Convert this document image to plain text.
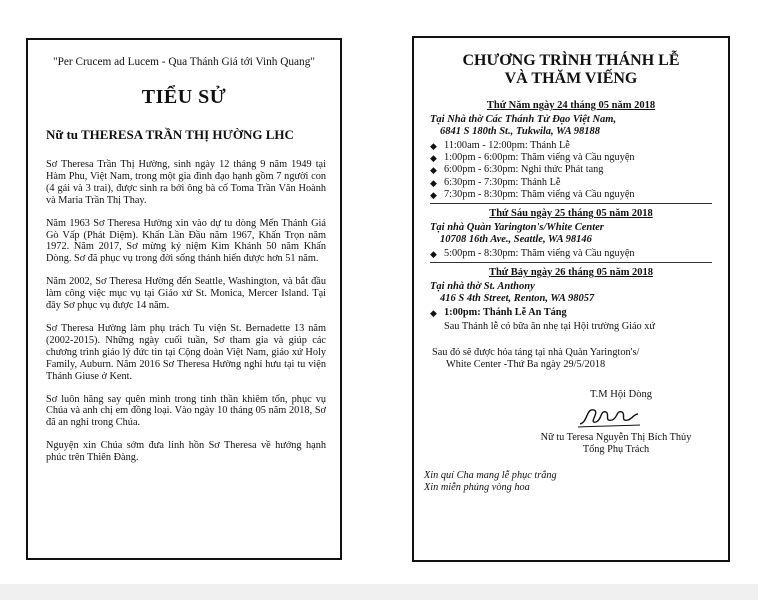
"Per Crucem ad Lucem - Qua Thánh Giá tới Vinh Quang"
TIỂU SỬ
Nữ tu THERESA TRẦN THỊ HƯỜNG LHC

Sơ Theresa Trần Thị Hường, sinh ngày 12 tháng 9 năm 1949 tại Hàm Phu, Việt Nam, trong một gia đình đạo hạnh gồm 7 người con (4 gái và 3 trai), được sinh ra bởi ông bà cố Toma Trần Văn Hoành và Maria Trần Thị Thay.

Năm 1963 Sơ Theresa Hường xin vào dự tu dòng Mến Thánh Giá Gò Vấp (Phát Diệm). Khấn Lần Đầu năm 1967, Khấn Trọn năm 1972. Năm 2017, Sơ mừng kỷ niệm Kim Khánh 50 năm Khấn Dòng. Sơ đã phục vụ trong đời sống thánh hiến được hơn 51 năm.

Năm 2002, Sơ Theresa Hường đến Seattle, Washington, và bắt đầu làm công việc mục vụ tại Giáo xứ St. Monica, Mercer Island. Tại đây Sơ phục vụ được 14 năm.

Sơ Theresa Hường làm phụ trách Tu viện St. Bernadette 13 năm (2002-2015). Những ngày cuối tuần, Sơ tham gia và giúp các chương trình giáo lý đức tin tại Cộng đoàn Việt Nam, giáo xứ Holy Family, Auburn. Năm 2016 Sơ Theresa Hường nghỉ hưu tại tu viện Thánh Giuse ở Kent.

Sơ luôn hăng say quên mình trong tinh thần khiêm tốn, phục vụ Chúa và anh chị em đồng loại. Vào ngày 10 tháng 05 năm 2018, Sơ đã an nghỉ trong Chúa.

Nguyện xin Chúa sớm đưa linh hồn Sơ Theresa về hưởng hạnh phúc trên Thiên Đàng.

CHƯƠNG TRÌNH THÁNH LỄ
VÀ THĂM VIẾNG
Thứ Năm ngày 24 tháng 05 năm 2018
Tại Nhà thờ Các Thánh Tử Đạo Việt Nam,
6841 S 180th St., Tukwila, WA 98188
◆ 11:00am - 12:00pm: Thánh Lễ
◆ 1:00pm - 6:00pm: Thăm viếng và Cầu nguyện
◆ 6:00pm - 6:30pm: Nghi thức Phát tang
◆ 6:30pm - 7:30pm: Thánh Lễ
◆ 7:30pm - 8:30pm: Thăm viếng và Cầu nguyện
Thứ Sáu ngày 25 tháng 05 năm 2018
Tại nhà Quàn Yarington's/White Center
10708 16th Ave., Seattle, WA 98146
◆ 5:00pm - 8:30pm: Thăm viếng và Cầu nguyện
Thứ Bảy ngày 26 tháng 05 năm 2018
Tại nhà thờ St. Anthony
416 S 4th Street, Renton, WA 98057
◆ 1:00pm: Thánh Lễ An Táng
Sau Thánh lễ có bữa ăn nhẹ tại Hội trường Giáo xứ
Sau đó sẽ được hỏa táng tại nhà Quàn Yarington's/
White Center -Thứ Ba ngày 29/5/2018
T.M Hội Dòng
Nữ tu Teresa Nguyễn Thị Bích Thủy
Tổng Phụ Trách
Xin quí Cha mang lễ phục trắng
Xin miễn phúng vòng hoa
